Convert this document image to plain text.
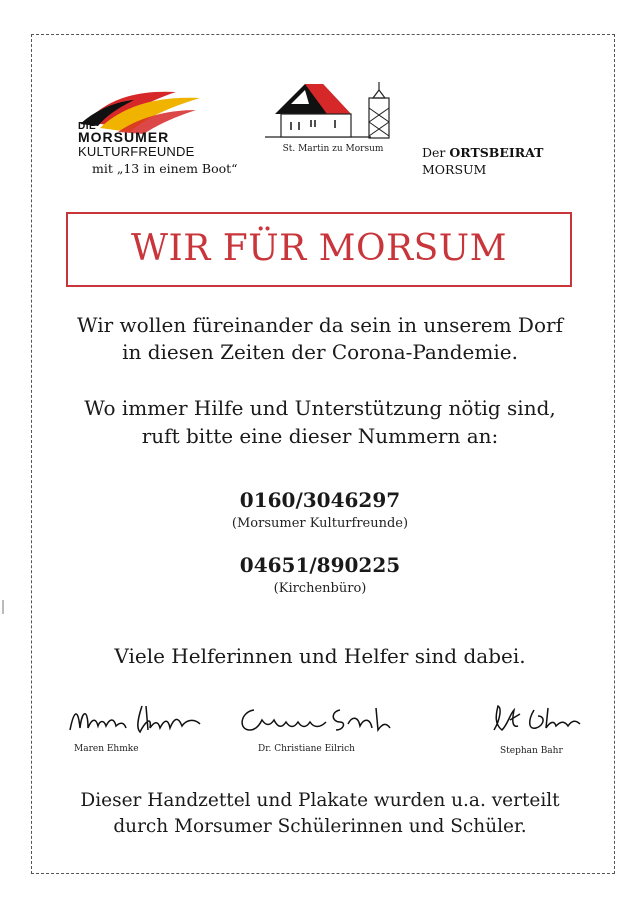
DIE
MORSUMER
KULTURFREUNDE
mit „13 in einem Boot“
St. Martin zu Morsum	Der ORTSBEIRAT
MORSUM
WIR FÜR MORSUM
Wir wollen füreinander da sein in unserem Dorf
in diesen Zeiten der Corona-Pandemie.
Wo immer Hilfe und Unterstützung nötig sind,
ruft bitte eine dieser Nummern an:
0160/3046297
(Morsumer Kulturfreunde)
04651/890225
(Kirchenbüro)
Viele Helferinnen und Helfer sind dabei.
Maren Ehmke	Dr. Christiane Eilrich	Stephan Bahr
Dieser Handzettel und Plakate wurden u.a. verteilt
durch Morsumer Schülerinnen und Schüler.
